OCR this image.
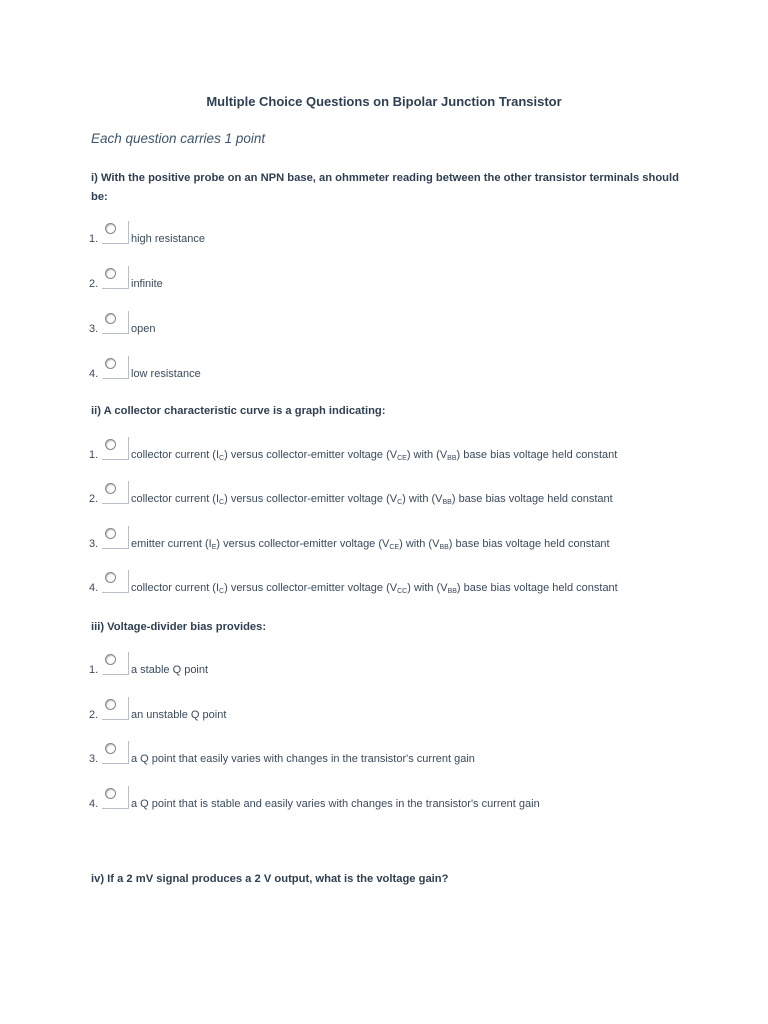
Multiple Choice Questions on Bipolar Junction Transistor
Each question carries 1 point
i) With the positive probe on an NPN base, an ohmmeter reading between the other transistor terminals should be:
1.	high resistance
2.	infinite
3.	open
4.	low resistance
ii) A collector characteristic curve is a graph indicating:
1.	collector current $(I_C)$ versus collector-emitter voltage $(V_{CE})$ with $(V_{BB})$ base bias voltage held constant
2.	collector current $(I_C)$ versus collector-emitter voltage $(V_C)$ with $(V_{BB})$ base bias voltage held constant
3.	emitter current $(I_E)$ versus collector-emitter voltage $(V_{CE})$ with $(V_{BB})$ base bias voltage held constant
4.	collector current $(I_C)$ versus collector-emitter voltage $(V_{CC})$ with $(V_{BB})$ base bias voltage held constant
iii) Voltage-divider bias provides:
1.	a stable Q point
2.	an unstable Q point
3.	a Q point that easily varies with changes in the transistor's current gain
4.	a Q point that is stable and easily varies with changes in the transistor's current gain
iv) If a 2 mV signal produces a 2 V output, what is the voltage gain?
